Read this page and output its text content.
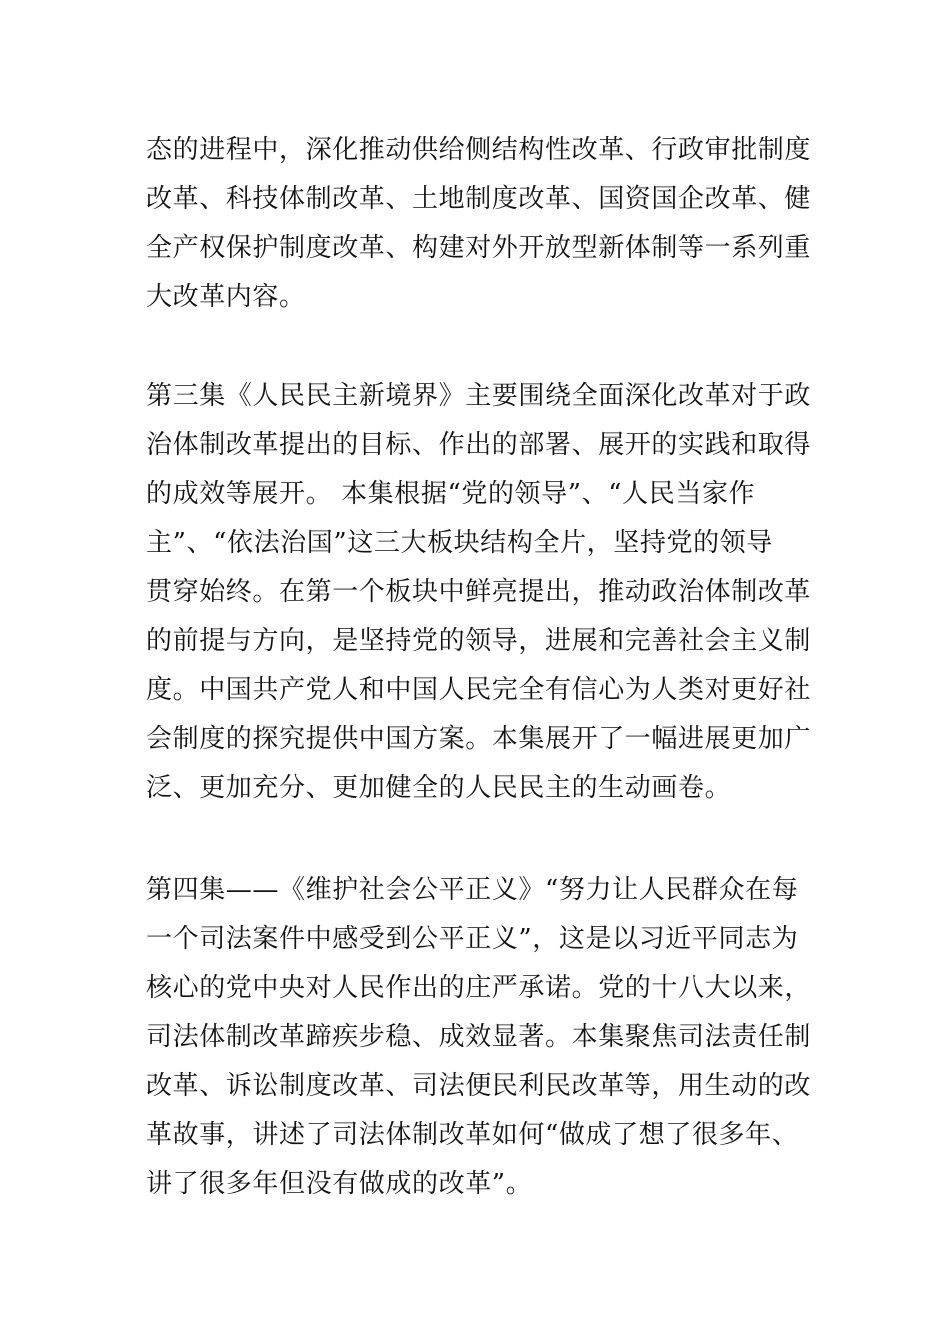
态的进程中，深化推动供给侧结构性改革、行政审批制度
改革、科技体制改革、土地制度改革、国资国企改革、健
全产权保护制度改革、构建对外开放型新体制等一系列重
大改革内容。
第三集《人民民主新境界》主要围绕全面深化改革对于政
治体制改革提出的目标、作出的部署、展开的实践和取得
的成效等展开。 本集根据“党的领导”、“人民当家作
主”、“依法治国”这三大板块结构全片，坚持党的领导
贯穿始终。在第一个板块中鲜亮提出，推动政治体制改革
的前提与方向，是坚持党的领导，进展和完善社会主义制
度。中国共产党人和中国人民完全有信心为人类对更好社
会制度的探究提供中国方案。本集展开了一幅进展更加广
泛、更加充分、更加健全的人民民主的生动画卷。
第四集——《维护社会公平正义》“努力让人民群众在每
一个司法案件中感受到公平正义”，这是以习近平同志为
核心的党中央对人民作出的庄严承诺。党的十八大以来，
司法体制改革蹄疾步稳、成效显著。本集聚焦司法责任制
改革、诉讼制度改革、司法便民利民改革等，用生动的改
革故事，讲述了司法体制改革如何“做成了想了很多年、
讲了很多年但没有做成的改革”。
